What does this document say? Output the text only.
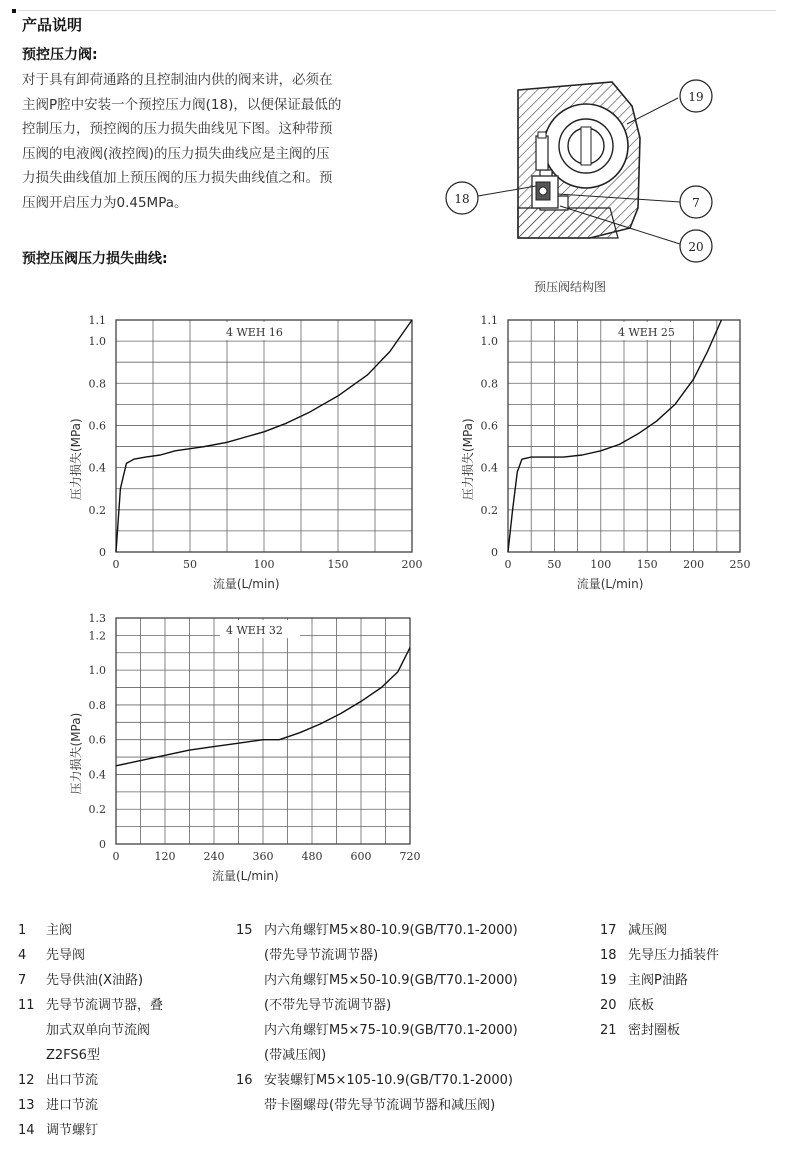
产品说明
预控压力阀:
对于具有卸荷通路的且控制油内供的阀来讲，必须在
主阀P腔中安装一个预控压力阀(18)，以便保证最低的
控制压力，预控阀的压力损失曲线见下图。这种带预
压阀的电液阀(液控阀)的压力损失曲线应是主阀的压
力损失曲线值加上预压阀的压力损失曲线值之和。预
压阀开启压力为0.45MPa。
预控压阀压力损失曲线:
19
18	7
20
预压阀结构图
4 WEH 16
0	50	100	150	200
0.2
0.4
0.6
0.8
1.0
1.1
0
流量(L/min)
压力损失(MPa)
4 WEH 25
0	50	100 150 200 250
0.2
0.4
0.6
0.8
1.0
1.1
0
流量(L/min)
压力损失(MPa)
4 WEH 32
0	120	240	360	480	600	720
0.2
0.4
0.6
0.8
1.0
1.2
1.3
0
流量(L/min)
压力损失(MPa)
1	主阀
4	先导阀
7	先导供油(X油路)
11 先导节流调节器，叠
加式双单向节流阀
Z2FS6型
12 出口节流
13 进口节流
14 调节螺钉
15 内六角螺钉M5×80-10.9(GB/T70.1-2000)
(带先导节流调节器)
内六角螺钉M5×50-10.9(GB/T70.1-2000)
(不带先导节流调节器)
内六角螺钉M5×75-10.9(GB/T70.1-2000)
(带减压阀)
16 安装螺钉M5×105-10.9(GB/T70.1-2000)
带卡圈螺母(带先导节流调节器和减压阀)
17 减压阀
18 先导压力插装件
19 主阀P油路
20 底板
21 密封圈板
